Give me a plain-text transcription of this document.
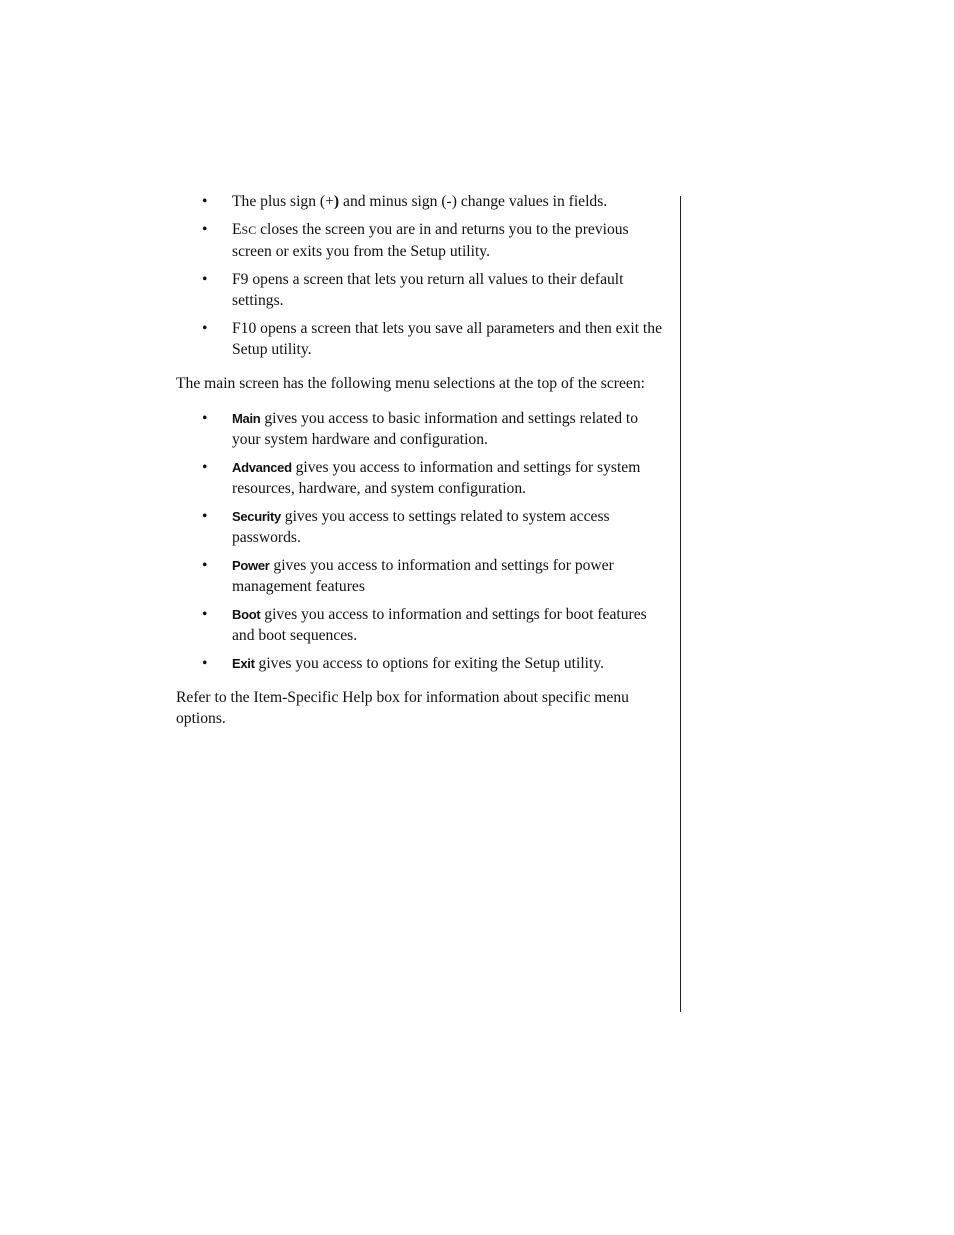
• The plus sign (+) and minus sign (-) change values in fields.
• ESC closes the screen you are in and returns you to the previous screen or exits you from the Setup utility.
• F9 opens a screen that lets you return all values to their default settings.
• F10 opens a screen that lets you save all parameters and then exit the Setup utility.

The main screen has the following menu selections at the top of the screen:

• Main gives you access to basic information and settings related to your system hardware and configuration.
• Advanced gives you access to information and settings for system resources, hardware, and system configuration.
• Security gives you access to settings related to system access passwords.
• Power gives you access to information and settings for power management features
• Boot gives you access to information and settings for boot features and boot sequences.
• Exit gives you access to options for exiting the Setup utility.

Refer to the Item-Specific Help box for information about specific menu options.
